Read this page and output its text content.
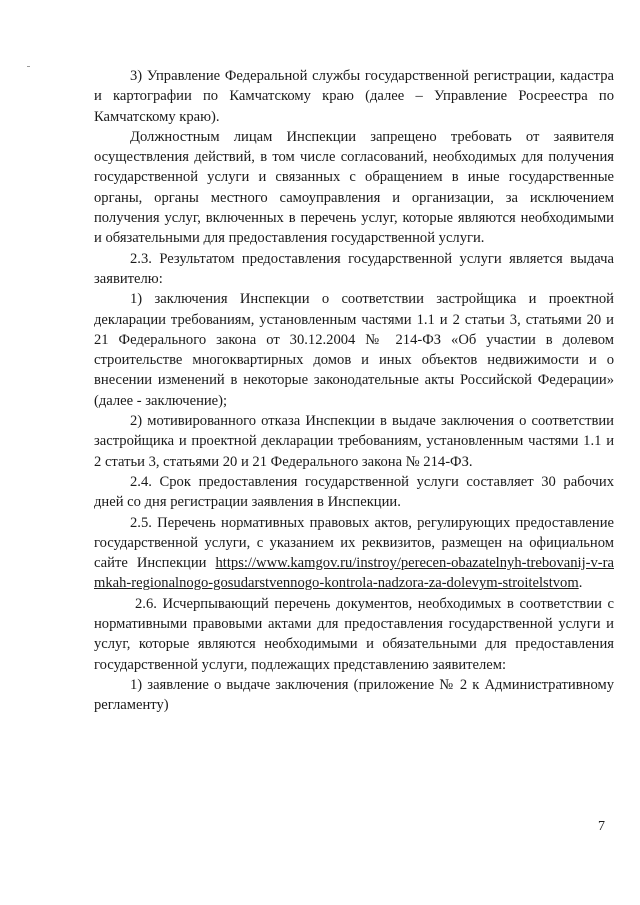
3) Управление Федеральной службы государственной регистрации, кадастра и картографии по Камчатскому краю (далее – Управление Росреестра по Камчатскому краю).

Должностным лицам Инспекции запрещено требовать от заявителя осуществления действий, в том числе согласований, необходимых для получения государственной услуги и связанных с обращением в иные государственные органы, органы местного самоуправления и организации, за исключением получения услуг, включенных в перечень услуг, которые являются необходимыми и обязательными для предоставления государственной услуги.

2.3. Результатом предоставления государственной услуги является выдача заявителю:

1) заключения Инспекции о соответствии застройщика и проектной декларации требованиям, установленным частями 1.1 и 2 статьи 3, статьями 20 и 21 Федерального закона от 30.12.2004 № 214-ФЗ «Об участии в долевом строительстве многоквартирных домов и иных объектов недвижимости и о внесении изменений в некоторые законодательные акты Российской Федерации» (далее - заключение);

2) мотивированного отказа Инспекции в выдаче заключения о соответствии застройщика и проектной декларации требованиям, установленным частями 1.1 и 2 статьи 3, статьями 20 и 21 Федерального закона № 214-ФЗ.

2.4. Срок предоставления государственной услуги составляет 30 рабочих дней со дня регистрации заявления в Инспекции.

2.5. Перечень нормативных правовых актов, регулирующих предоставление государственной услуги, с указанием их реквизитов, размещен на официальном сайте Инспекции https://www.kamgov.ru/instroy/perecen-obazatelnyh-trebovanij-v-ramkah-regionalnogo-gosudarstvennogo-kontrola-nadzora-za-dolevym-stroitelstvom.

2.6. Исчерпывающий перечень документов, необходимых в соответствии с нормативными правовыми актами для предоставления государственной услуги и услуг, которые являются необходимыми и обязательными для предоставления государственной услуги, подлежащих представлению заявителем:

1) заявление о выдаче заключения (приложение № 2 к Административному регламенту)

7
